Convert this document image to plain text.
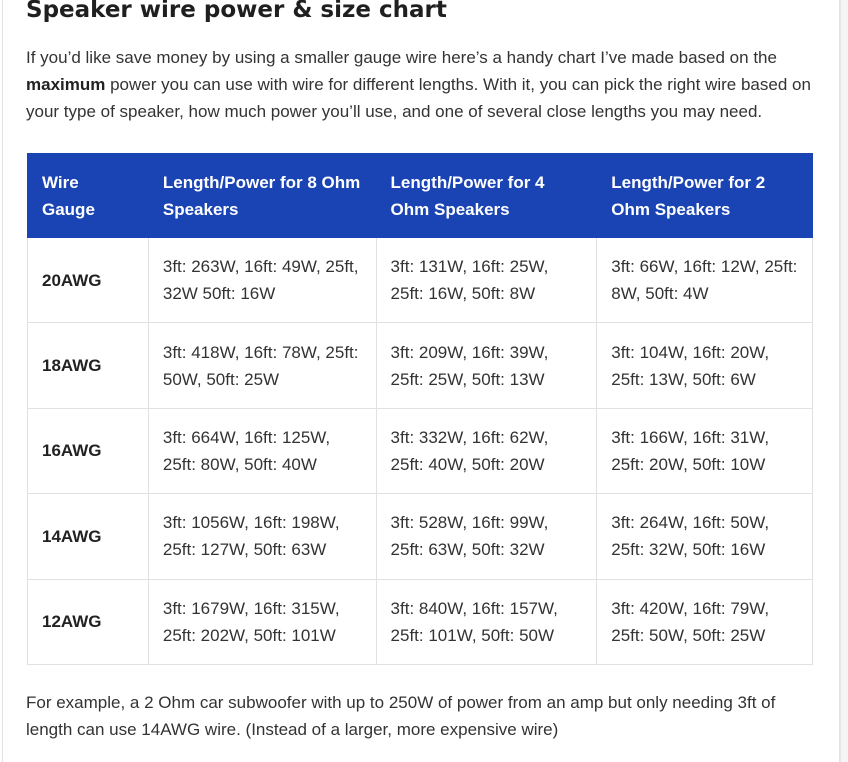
Speaker wire power & size chart

If you’d like save money by using a smaller gauge wire here’s a handy chart I’ve made based on the maximum power you can use with wire for different lengths. With it, you can pick the right wire based on your type of speaker, how much power you’ll use, and one of several close lengths you may need.

Wire Gauge	Length/Power for 8 Ohm Speakers	Length/Power for 4 Ohm Speakers	Length/Power for 2 Ohm Speakers
20AWG	3ft: 263W, 16ft: 49W, 25ft, 32W 50ft: 16W	3ft: 131W, 16ft: 25W, 25ft: 16W, 50ft: 8W	3ft: 66W, 16ft: 12W, 25ft: 8W, 50ft: 4W
18AWG	3ft: 418W, 16ft: 78W, 25ft: 50W, 50ft: 25W	3ft: 209W, 16ft: 39W, 25ft: 25W, 50ft: 13W	3ft: 104W, 16ft: 20W, 25ft: 13W, 50ft: 6W
16AWG	3ft: 664W, 16ft: 125W, 25ft: 80W, 50ft: 40W	3ft: 332W, 16ft: 62W, 25ft: 40W, 50ft: 20W	3ft: 166W, 16ft: 31W, 25ft: 20W, 50ft: 10W
14AWG	3ft: 1056W, 16ft: 198W, 25ft: 127W, 50ft: 63W	3ft: 528W, 16ft: 99W, 25ft: 63W, 50ft: 32W	3ft: 264W, 16ft: 50W, 25ft: 32W, 50ft: 16W
12AWG	3ft: 1679W, 16ft: 315W, 25ft: 202W, 50ft: 101W	3ft: 840W, 16ft: 157W, 25ft: 101W, 50ft: 50W	3ft: 420W, 16ft: 79W, 25ft: 50W, 50ft: 25W

For example, a 2 Ohm car subwoofer with up to 250W of power from an amp but only needing 3ft of length can use 14AWG wire. (Instead of a larger, more expensive wire)
